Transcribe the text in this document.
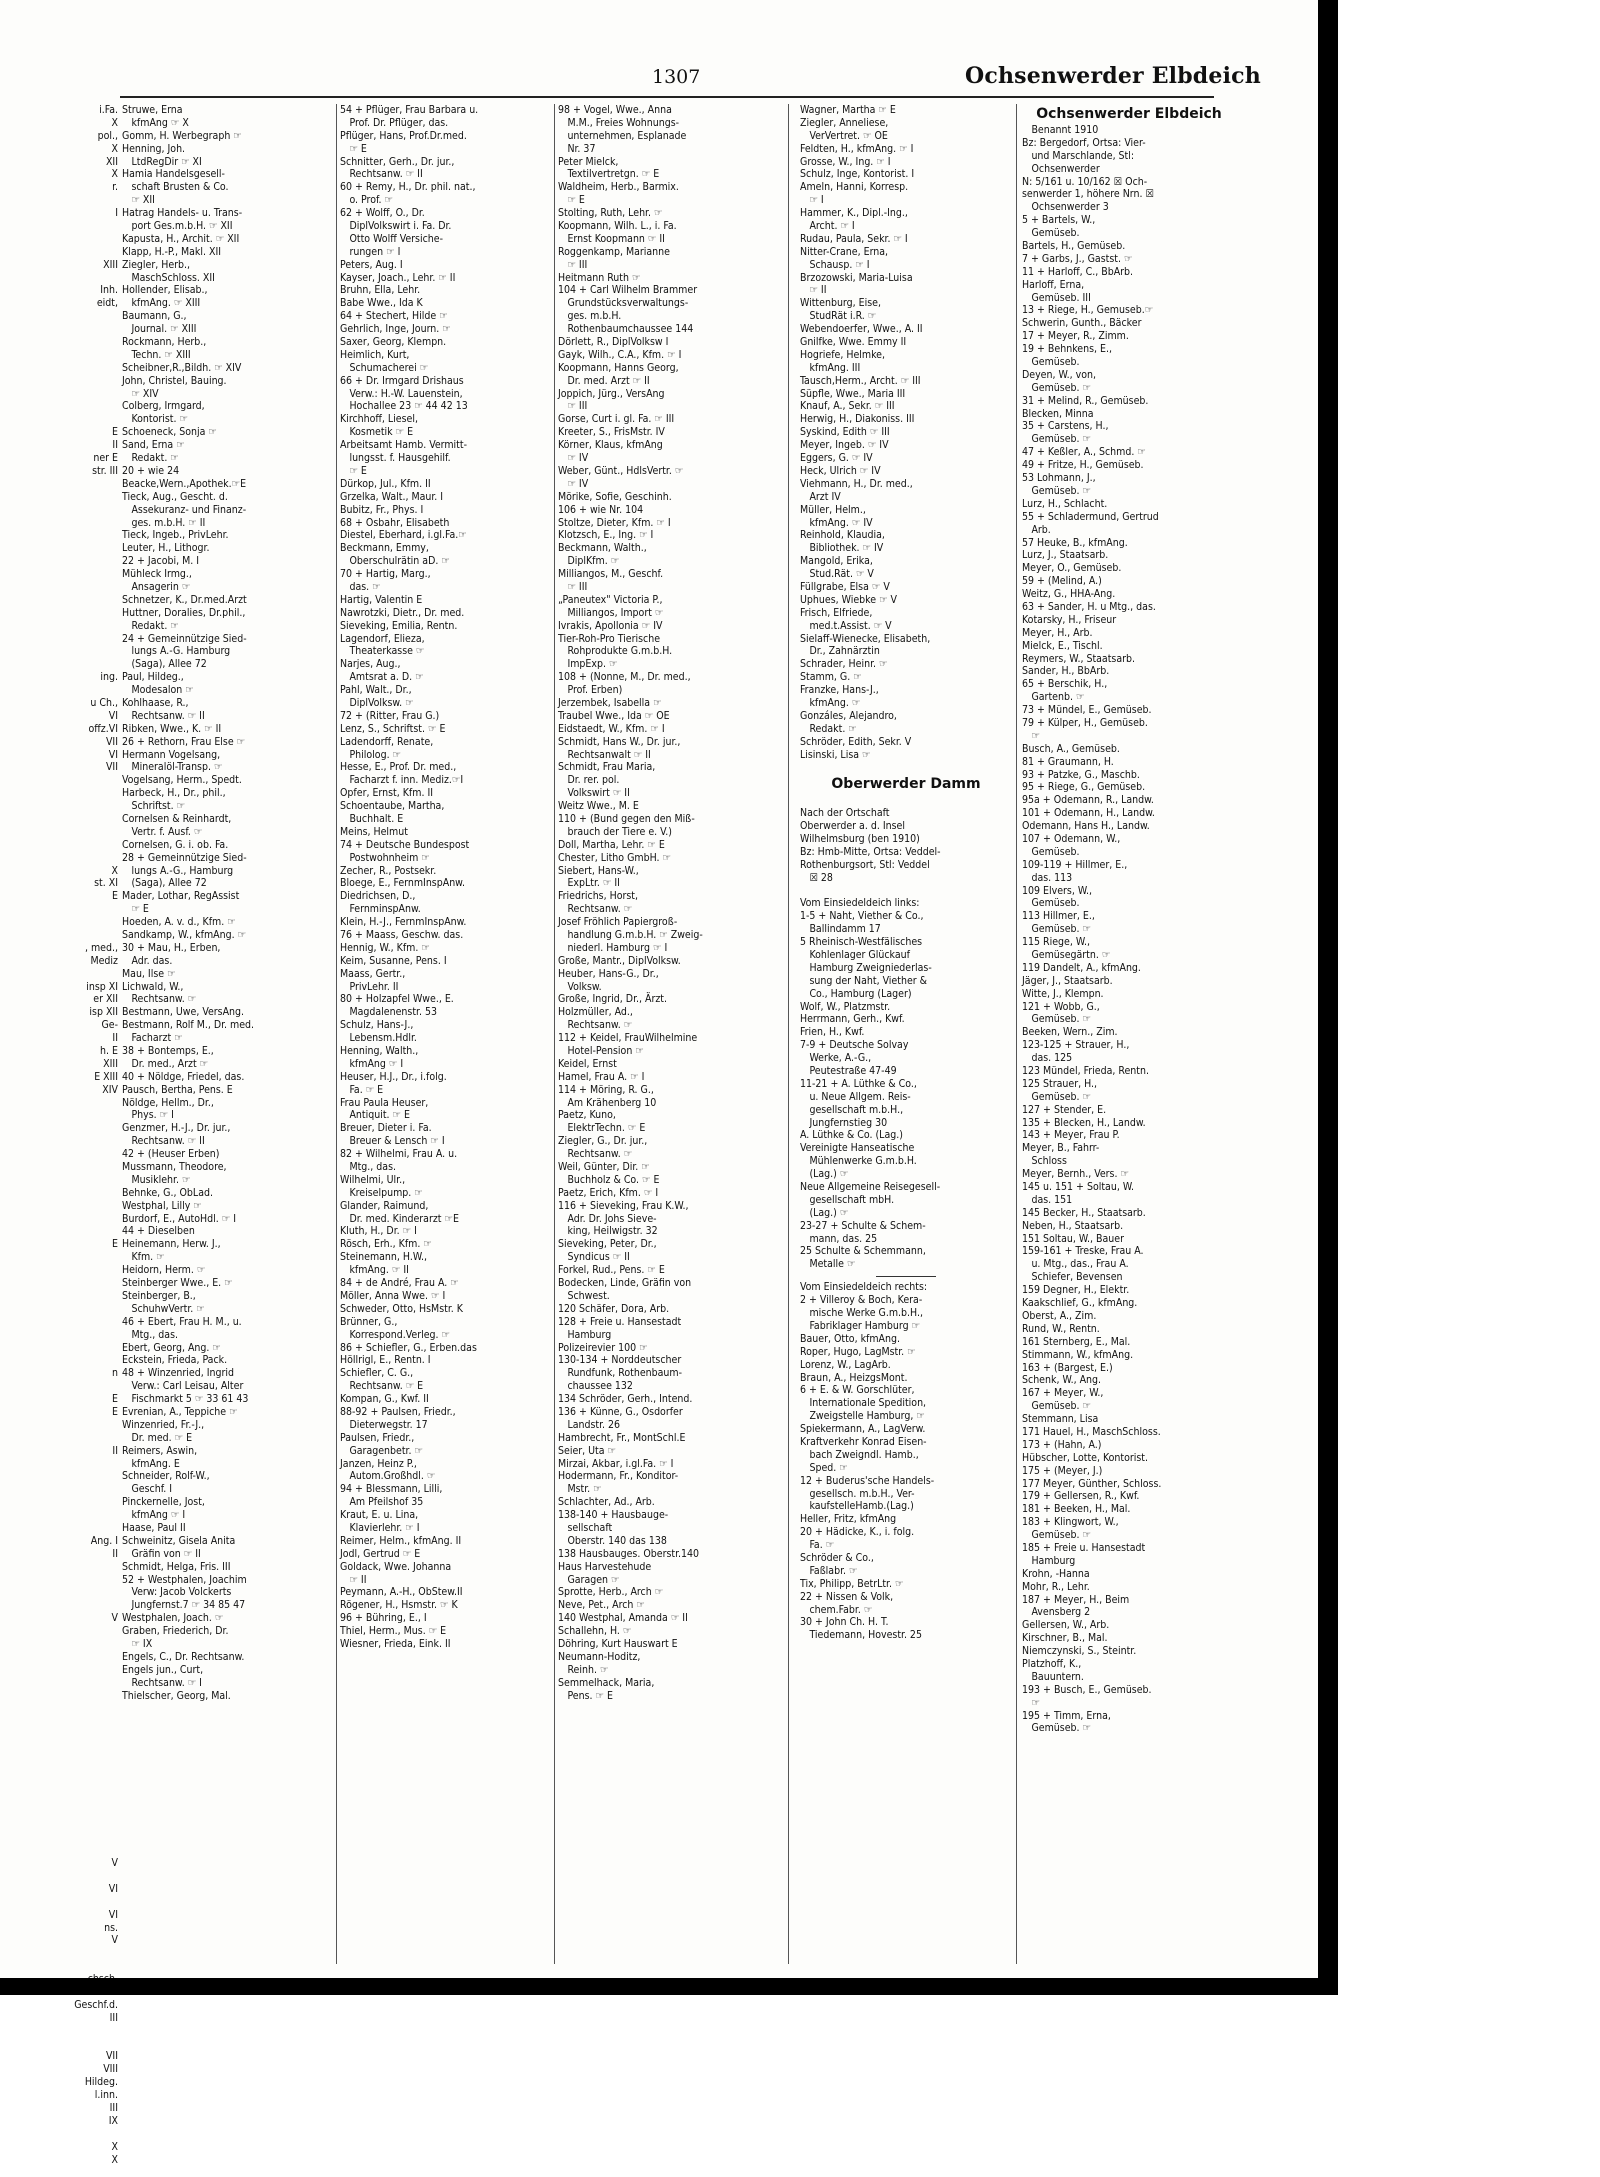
1307	Ochsenwerder Elbdeich
i.Fa.
X
pol.,
X
XII
X
r.
I
XIII
Inh.
eidt,
E
II
ner E
str. III
ing.
u Ch.,
VI
offz.VI
VII
VI
VII
X
st. XI
E
, med.,
Mediz
insp XI
er XII
isp XII
Ge-
II
h. E
XIII
E XIII
XIV
E
n
E
E
II
Ang. I
II
V
V
VI
VI
ns.
V
Geschf.d.
III
VII
VIII
Hildeg.
l.inn.
III
IX
X
X
Struwe, Erna
 kfmAng ☞ X
Gomm, H. Werbegraph ☞
Henning, Joh.
 LtdRegDir ☞ XI
Hamia Handelsgesell-
 schaft Brusten & Co.
 ☞ XII
Hatrag Handels- u. Trans-
 port Ges.m.b.H. ☞ XII
Kapusta, H., Archit. ☞ XII
Klapp, H.-P., Makl. XII
Ziegler, Herb.,
 MaschSchloss. XII
Hollender, Elisab.,
 kfmAng. ☞ XIII
Baumann, G.,
 Journal. ☞ XIII
Rockmann, Herb.,
 Techn. ☞ XIII
Scheibner,R.,Bildh. ☞ XIV
John, Christel, Bauing.
 ☞ XIV
Colberg, Irmgard,
 Kontorist. ☞
Schoeneck, Sonja ☞
Sand, Erna ☞
 Redakt. ☞
20 + wie 24
Beacke,Wern.,Apothek.☞E
Tieck, Aug., Gescht. d.
 Assekuranz- und Finanz-
 ges. m.b.H. ☞ II
Tieck, Ingeb., PrivLehr.
Leuter, H., Lithogr.
22 + Jacobi, M. I
Mühleck Irmg.,
 Ansagerin ☞
Schnetzer, K., Dr.med.Arzt
Huttner, Doralies, Dr.phil.,
 Redakt. ☞
24 + Gemeinnützige Sied-
 lungs A.-G. Hamburg
 (Saga), Allee 72
Paul, Hildeg.,
 Modesalon ☞
Kohlhaase, R.,
 Rechtsanw. ☞ II
Ribken, Wwe., K. ☞ II
26 + Rethorn, Frau Else ☞
Hermann Vogelsang,
 Mineralöl-Transp. ☞
Vogelsang, Herm., Spedt.
Harbeck, H., Dr., phil.,
 Schriftst. ☞
Cornelsen & Reinhardt,
 Vertr. f. Ausf. ☞
Cornelsen, G. i. ob. Fa.
28 + Gemeinnützige Sied-
 lungs A.-G., Hamburg
 (Saga), Allee 72
Mader, Lothar, RegAssist
 ☞ E
Hoeden, A. v. d., Kfm. ☞
Sandkamp, W., kfmAng. ☞
30 + Mau, H., Erben,
 Adr. das.
Mau, Ilse ☞
Lichwald, W.,
 Rechtsanw. ☞
Bestmann, Uwe, VersAng.
Bestmann, Rolf M., Dr. med.
 Facharzt ☞
38 + Bontemps, E.,
 Dr. med., Arzt ☞
40 + Nöldge, Friedel, das.
Pausch, Bertha, Pens. E
Nöldge, Hellm., Dr.,
 Phys. ☞ I
Genzmer, H.-J., Dr. jur.,
 Rechtsanw. ☞ II
42 + (Heuser Erben)
Mussmann, Theodore,
 Musiklehr. ☞
Behnke, G., ObLad.
Westphal, Lilly ☞
Burdorf, E., AutoHdl. ☞ I
44 + Dieselben
Heinemann, Herw. J.,
 Kfm. ☞
Heidorn, Herm. ☞
Steinberger Wwe., E. ☞
Steinberger, B.,
 SchuhwVertr. ☞
46 + Ebert, Frau H. M., u.
 Mtg., das.
Ebert, Georg, Ang. ☞
Eckstein, Frieda, Pack.
48 + Winzenried, Ingrid
 Verw.: Carl Leisau, Alter
 Fischmarkt 5 ☞ 33 61 43
Evrenian, A., Teppiche ☞
Winzenried, Fr.-J.,
 Dr. med. ☞ E
Reimers, Aswin,
 kfmAng. E
Schneider, Rolf-W.,
 Geschf. I
Pinckernelle, Jost,
 kfmAng ☞ I
Haase, Paul II
Schweinitz, Gisela Anita
 Gräfin von ☞ II
Schmidt, Helga, Fris. III
52 + Westphalen, Joachim
 Verw: Jacob Volckerts
 Jungfernst.7 ☞ 34 85 47
Westphalen, Joach. ☞
Graben, Friederich, Dr.
 ☞ IX
Engels, C., Dr. Rechtsanw.
Engels jun., Curt,
 Rechtsanw. ☞ I
Thielscher, Georg, Mal.
54 + Pflüger, Frau Barbara u.
 Prof. Dr. Pflüger, das.
Pflüger, Hans, Prof.Dr.med.
 ☞ E
Schnitter, Gerh., Dr. jur.,
 Rechtsanw. ☞ II
60 + Remy, H., Dr. phil. nat.,
 o. Prof. ☞
62 + Wolff, O., Dr.
 DiplVolkswirt i. Fa. Dr.
 Otto Wolff Versiche-
 rungen ☞ I
Peters, Aug. I
Kayser, Joach., Lehr. ☞ II
Bruhn, Ella, Lehr.
Babe Wwe., Ida K
64 + Stechert, Hilde ☞
Gehrlich, Inge, Journ. ☞
Saxer, Georg, Klempn.
Heimlich, Kurt,
 Schumacherei ☞
66 + Dr. Irmgard Drishaus
 Verw.: H.-W. Lauenstein,
 Hochallee 23 ☞ 44 42 13
Kirchhoff, Liesel,
 Kosmetik ☞ E
Arbeitsamt Hamb. Vermitt-
 lungsst. f. Hausgehilf.
 ☞ E
Dürkop, Jul., Kfm. II
Grzelka, Walt., Maur. I
Bubitz, Fr., Phys. I
68 + Osbahr, Elisabeth
Diestel, Eberhard, i.gl.Fa.☞
Beckmann, Emmy,
 Oberschulrätin aD. ☞
70 + Hartig, Marg.,
 das. ☞
Hartig, Valentin E
Nawrotzki, Dietr., Dr. med.
Sieveking, Emilia, Rentn.
Lagendorf, Elieza,
 Theaterkasse ☞
Narjes, Aug.,
 Amtsrat a. D. ☞
Pahl, Walt., Dr.,
 DiplVolksw. ☞
72 + (Ritter, Frau G.)
Lenz, S., Schriftst. ☞ E
Ladendorff, Renate,
 Philolog. ☞
Hesse, E., Prof. Dr. med.,
 Facharzt f. inn. Mediz.☞I
Opfer, Ernst, Kfm. II
Schoentaube, Martha,
 Buchhalt. E
Meins, Helmut
74 + Deutsche Bundespost
 Postwohnheim ☞
Zecher, R., Postsekr.
Bloege, E., FernmInspAnw.
Diedrichsen, D.,
 FernminspAnw.
Klein, H.-J., FernmInspAnw.
76 + Maass, Geschw. das.
Hennig, W., Kfm. ☞
Keim, Susanne, Pens. I
Maass, Gertr.,
 PrivLehr. II
80 + Holzapfel Wwe., E.
 Magdalenenstr. 53
Schulz, Hans-J.,
 Lebensm.Hdlr.
Henning, Walth.,
 kfmAng ☞ I
Heuser, H.J., Dr., i.folg.
 Fa. ☞ E
Frau Paula Heuser,
 Antiquit. ☞ E
Breuer, Dieter i. Fa.
 Breuer & Lensch ☞ I
82 + Wilhelmi, Frau A. u.
 Mtg., das.
Wilhelmi, Ulr.,
 Kreiselpump. ☞
Glander, Raimund,
 Dr. med. Kinderarzt ☞E
Kluth, H., Dr. ☞ I
Rösch, Erh., Kfm. ☞
Steinemann, H.W.,
 kfmAng. ☞ II
84 + de André, Frau A. ☞
Möller, Anna Wwe. ☞ I
Schweder, Otto, HsMstr. K
Brünner, G.,
 Korrespond.Verleg. ☞
86 + Schiefler, G., Erben.das
Höllrigl, E., Rentn. I
Schiefler, C. G.,
 Rechtsanw. ☞ E
Kompan, G., Kwf. II
88-92 + Paulsen, Friedr.,
 Dieterwegstr. 17
Paulsen, Friedr.,
 Garagenbetr. ☞
Janzen, Heinz P.,
 Autom.Großhdl. ☞
94 + Blessmann, Lilli,
 Am Pfeilshof 35
Kraut, E. u. Lina,
 Klavierlehr. ☞ I
Reimer, Helm., kfmAng. II
Jodl, Gertrud ☞ E
Goldack, Wwe. Johanna
 ☞ II
Peymann, A.-H., ObStew.II
Rögener, H., Hsmstr. ☞ K
96 + Bühring, E., I
Thiel, Herm., Mus. ☞ E
Wiesner, Frieda, Eink. II
98 + Vogel, Wwe., Anna
 M.M., Freies Wohnungs-
 unternehmen, Esplanade
 Nr. 37
Peter Mielck,
 Textilvertretgn. ☞ E
Waldheim, Herb., Barmix.
 ☞ E
Stolting, Ruth, Lehr. ☞
Koopmann, Wilh. L., i. Fa.
 Ernst Koopmann ☞ II
Roggenkamp, Marianne
 ☞ III
Heitmann Ruth ☞
104 + Carl Wilhelm Brammer
 Grundstücksverwaltungs-
 ges. m.b.H.
 Rothenbaumchaussee 144
Dörlett, R., DiplVolksw I
Gayk, Wilh., C.A., Kfm. ☞ I
Koopmann, Hanns Georg,
 Dr. med. Arzt ☞ II
Joppich, Jürg., VersAng
 ☞ III
Gorse, Curt i. gl. Fa. ☞ III
Kreeter, S., FrisMstr. IV
Körner, Klaus, kfmAng
 ☞ IV
Weber, Günt., HdlsVertr. ☞
 ☞ IV
Mörike, Sofie, Geschinh.
106 + wie Nr. 104
Stoltze, Dieter, Kfm. ☞ I
Klotzsch, E., Ing. ☞ I
Beckmann, Walth.,
 DiplKfm. ☞
Milliangos, M., Geschf.
 ☞ III
„Paneutex" Victoria P.,
 Milliangos, Import ☞
Ivrakis, Apollonia ☞ IV
Tier-Roh-Pro Tierische
 Rohprodukte G.m.b.H.
 ImpExp. ☞
108 + (Nonne, M., Dr. med.,
 Prof. Erben)
Jerzembek, Isabella ☞
Traubel Wwe., Ida ☞ OE
Eidstaedt, W., Kfm. ☞ I
Schmidt, Hans W., Dr. jur.,
 Rechtsanwalt ☞ II
Schmidt, Frau Maria,
 Dr. rer. pol.
 Volkswirt ☞ II
Weitz Wwe., M. E
110 + (Bund gegen den Miß-
 brauch der Tiere e. V.)
Doll, Martha, Lehr. ☞ E
Chester, Litho GmbH. ☞
Siebert, Hans-W.,
 ExpLtr. ☞ II
Friedrichs, Horst,
 Rechtsanw. ☞
Josef Fröhlich Papiergroß-
 handlung G.m.b.H. ☞ Zweig-
 niederl. Hamburg ☞ I
Große, Mantr., DiplVolksw.
Heuber, Hans-G., Dr.,
 Volksw.
Große, Ingrid, Dr., Ärzt.
Holzmüller, Ad.,
 Rechtsanw. ☞
112 + Keidel, FrauWilhelmine
 Hotel-Pension ☞
Keidel, Ernst
Hamel, Frau A. ☞ I
114 + Möring, R. G.,
 Am Krähenberg 10
Paetz, Kuno,
 ElektrTechn. ☞ E
Ziegler, G., Dr. jur.,
 Rechtsanw. ☞
Weil, Günter, Dir. ☞
 Buchholz & Co. ☞ E
Paetz, Erich, Kfm. ☞ I
116 + Sieveking, Frau K.W.,
 Adr. Dr. Johs Sieve-
 king, Heilwigstr. 32
Sieveking, Peter, Dr.,
 Syndicus ☞ II
Forkel, Rud., Pens. ☞ E
Bodecken, Linde, Gräfin von
 Schwest.
120 Schäfer, Dora, Arb.
128 + Freie u. Hansestadt
 Hamburg
Polizeirevier 100 ☞
130-134 + Norddeutscher
 Rundfunk, Rothenbaum-
 chaussee 132
134 Schröder, Gerh., Intend.
136 + Künne, G., Osdorfer
 Landstr. 26
Hambrecht, Fr., MontSchl.E
Seier, Uta ☞
Mirzai, Akbar, i.gl.Fa. ☞ I
Hodermann, Fr., Konditor-
 Mstr. ☞
Schlachter, Ad., Arb.
138-140 + Hausbauge-
 sellschaft
 Oberstr. 140 das 138
138 Hausbauges. Oberstr.140
Haus Harvestehude
 Garagen ☞
Sprotte, Herb., Arch ☞
Neve, Pet., Arch ☞
140 Westphal, Amanda ☞ II
Schallehn, H. ☞
Döhring, Kurt Hauswart E
Neumann-Hoditz,
 Reinh. ☞
Semmelhack, Maria,
 Pens. ☞ E
Wagner, Martha ☞ E
Ziegler, Anneliese,
 VerVertret. ☞ OE
Feldten, H., kfmAng. ☞ I
Grosse, W., Ing. ☞ I
Schulz, Inge, Kontorist. I
Ameln, Hanni, Korresp.
 ☞ I
Hammer, K., Dipl.-Ing.,
 Archt. ☞ I
Rudau, Paula, Sekr. ☞ I
Nitter-Crane, Erna,
 Schausp. ☞ I
Brzozowski, Maria-Luisa
 ☞ II
Wittenburg, Eise,
 StudRät i.R. ☞
Webendoerfer, Wwe., A. II
Gnilfke, Wwe. Emmy II
Hogriefe, Helmke,
 kfmAng. III
Tausch,Herm., Archt. ☞ III
Süpfle, Wwe., Maria III
Knauf, A., Sekr. ☞ III
Herwig, H., Diakoniss. III
Syskind, Edith ☞ III
Meyer, Ingeb. ☞ IV
Eggers, G. ☞ IV
Heck, Ulrich ☞ IV
Viehmann, H., Dr. med.,
 Arzt IV
Müller, Helm.,
 kfmAng. ☞ IV
Reinhold, Klaudia,
 Bibliothek. ☞ IV
Mangold, Erika,
 Stud.Rät. ☞ V
Füllgrabe, Elsa ☞ V
Uphues, Wiebke ☞ V
Frisch, Elfriede,
 med.t.Assist. ☞ V
Sielaff-Wienecke, Elisabeth,
 Dr., Zahnärztin
Schrader, Heinr. ☞
Stamm, G. ☞
Franzke, Hans-J.,
 kfmAng. ☞
Gonzáles, Alejandro,
 Redakt. ☞
Schröder, Edith, Sekr. V
Lisinski, Lisa ☞
Oberwerder Damm
Nach der Ortschaft
Oberwerder a. d. Insel
Wilhelmsburg (ben 1910)
Bz: Hmb-Mitte, Ortsa: Veddel-
Rothenburgsort, Stl: Veddel
 ☒ 28
Vom Einsiedeldeich links:
1-5 + Naht, Viether & Co.,
 Ballindamm 17
5 Rheinisch-Westfälisches
 Kohlenlager Glückauf
 Hamburg Zweigniederlas-
 sung der Naht, Viether &
 Co., Hamburg (Lager)
Wolf, W., Platzmstr.
Herrmann, Gerh., Kwf.
Frien, H., Kwf.
7-9 + Deutsche Solvay
 Werke, A.-G.,
 Peutestraße 47-49
11-21 + A. Lüthke & Co.,
 u. Neue Allgem. Reis-
 gesellschaft m.b.H.,
 Jungfernstieg 30
A. Lüthke & Co. (Lag.)
Vereinigte Hanseatische
 Mühlenwerke G.m.b.H.
 (Lag.) ☞
Neue Allgemeine Reisegesell-
 gesellschaft mbH.
 (Lag.) ☞
23-27 + Schulte & Schem-
 mann, das. 25
25 Schulte & Schemmann,
 Metalle ☞
Vom Einsiedeldeich rechts:
2 + Villeroy & Boch, Kera-
 mische Werke G.m.b.H.,
 Fabriklager Hamburg ☞
Bauer, Otto, kfmAng.
Roper, Hugo, LagMstr. ☞
Lorenz, W., LagArb.
Braun, A., HeizgsMont.
6 + E. & W. Gorschlüter,
 Internationale Spedition,
 Zweigstelle Hamburg, ☞
Spiekermann, A., LagVerw.
Kraftverkehr Konrad Eisen-
 bach Zweigndl. Hamb.,
 Sped. ☞
12 + Buderus'sche Handels-
 gesellsch. m.b.H., Ver-
 kaufstelleHamb.(Lag.)
Heller, Fritz, kfmAng
20 + Hädicke, K., i. folg.
 Fa. ☞
Schröder & Co.,
 Faßlabr. ☞
Tix, Philipp, BetrLtr. ☞
22 + Nissen & Volk,
 chem.Fabr. ☞
30 + John Ch. H. T.
 Tiedemann, Hovestr. 25
Ochsenwerder Elbdeich
 Benannt 1910
Bz: Bergedorf, Ortsa: Vier-
 und Marschlande, Stl:
 Ochsenwerder
N: 5/161 u. 10/162 ☒ Och-
senwerder 1, höhere Nrn. ☒
 Ochsenwerder 3
5 + Bartels, W.,
 Gemüseb.
Bartels, H., Gemüseb.
7 + Garbs, J., Gastst. ☞
11 + Harloff, C., BbArb.
Harloff, Erna,
 Gemüseb. III
13 + Riege, H., Gemuseb.☞
Schwerin, Gunth., Bäcker
17 + Meyer, R., Zimm.
19 + Behnkens, E.,
 Gemüseb.
Deyen, W., von,
 Gemüseb. ☞
31 + Melind, R., Gemüseb.
Blecken, Minna
35 + Carstens, H.,
 Gemüseb. ☞
47 + Keßler, A., Schmd. ☞
49 + Fritze, H., Gemüseb.
53 Lohmann, J.,
 Gemüseb. ☞
Lurz, H., Schlacht.
55 + Schladermund, Gertrud
 Arb.
57 Heuke, B., kfmAng.
Lurz, J., Staatsarb.
Meyer, O., Gemüseb.
59 + (Melind, A.)
Weitz, G., HHA-Ang.
63 + Sander, H. u Mtg., das.
Kotarsky, H., Friseur
Meyer, H., Arb.
Mielck, E., Tischl.
Reymers, W., Staatsarb.
Sander, H., BbArb.
65 + Berschik, H.,
 Gartenb. ☞
73 + Mündel, E., Gemüseb.
79 + Külper, H., Gemüseb.
 ☞
Busch, A., Gemüseb.
81 + Graumann, H.
93 + Patzke, G., Maschb.
95 + Riege, G., Gemüseb.
95a + Odemann, R., Landw.
101 + Odemann, H., Landw.
Odemann, Hans H., Landw.
107 + Odemann, W.,
 Gemüseb.
109-119 + Hillmer, E.,
 das. 113
109 Elvers, W.,
 Gemüseb.
113 Hillmer, E.,
 Gemüseb. ☞
115 Riege, W.,
 Gemüsegärtn. ☞
119 Dandelt, A., kfmAng.
Jäger, J., Staatsarb.
Witte, J., Klempn.
121 + Wobb, G.,
 Gemüseb. ☞
Beeken, Wern., Zim.
123-125 + Strauer, H.,
 das. 125
123 Mündel, Frieda, Rentn.
125 Strauer, H.,
 Gemüseb. ☞
127 + Stender, E.
135 + Blecken, H., Landw.
143 + Meyer, Frau P.
Meyer, B., Fahrr-
 Schloss
Meyer, Bernh., Vers. ☞
145 u. 151 + Soltau, W.
 das. 151
145 Becker, H., Staatsarb.
Neben, H., Staatsarb.
151 Soltau, W., Bauer
159-161 + Treske, Frau A.
 u. Mtg., das., Frau A.
 Schiefer, Bevensen
159 Degner, H., Elektr.
Kaakschlief, G., kfmAng.
Oberst, A., Zim.
Rund, W., Rentn.
161 Sternberg, E., Mal.
Stimmann, W., kfmAng.
163 + (Bargest, E.)
Schenk, W., Ang.
167 + Meyer, W.,
 Gemüseb. ☞
Stemmann, Lisa
171 Hauel, H., MaschSchloss.
173 + (Hahn, A.)
Hübscher, Lotte, Kontorist.
175 + (Meyer, J.)
177 Meyer, Günther, Schloss.
179 + Gellersen, R., Kwf.
181 + Beeken, H., Mal.
183 + Klingwort, W.,
 Gemüseb. ☞
185 + Freie u. Hansestadt
 Hamburg
Krohn, -Hanna
Mohr, R., Lehr.
187 + Meyer, H., Beim
 Avensberg 2
Gellersen, W., Arb.
Kirschner, B., Mal.
Niemczynski, S., Steintr.
Platzhoff, K.,
 Bauuntern.
193 + Busch, E., Gemüseb.
 ☞
195 + Timm, Erna,
 Gemüseb. ☞
